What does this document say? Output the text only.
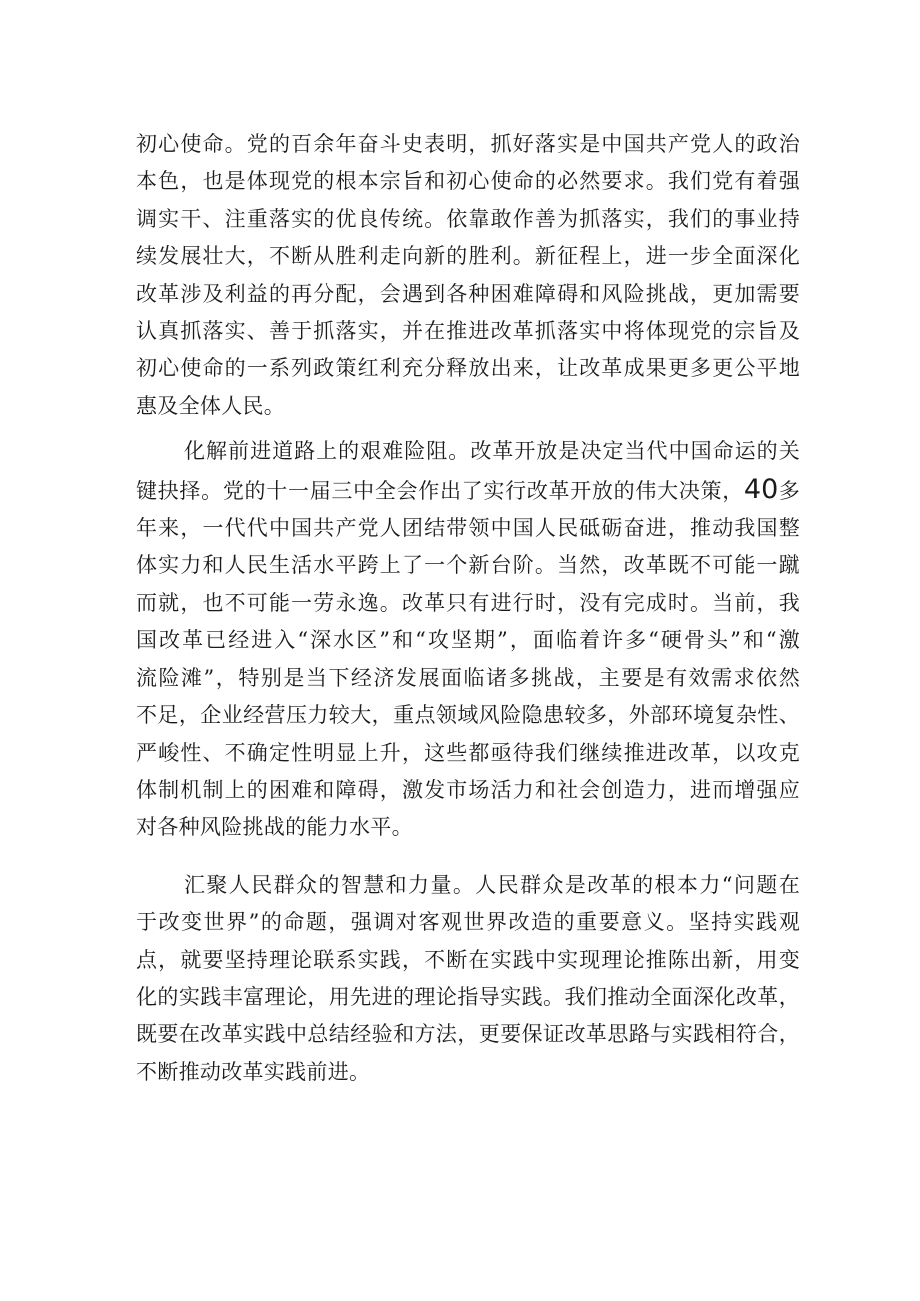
初心使命。党的百余年奋斗史表明，抓好落实是中国共产党人的政治
本色，也是体现党的根本宗旨和初心使命的必然要求。我们党有着强
调实干、注重落实的优良传统。依靠敢作善为抓落实，我们的事业持
续发展壮大，不断从胜利走向新的胜利。新征程上，进一步全面深化
改革涉及利益的再分配，会遇到各种困难障碍和风险挑战，更加需要
认真抓落实、善于抓落实，并在推进改革抓落实中将体现党的宗旨及
初心使命的一系列政策红利充分释放出来，让改革成果更多更公平地
惠及全体人民。

化解前进道路上的艰难险阻。改革开放是决定当代中国命运的关
键抉择。党的十一届三中全会作出了实行改革开放的伟大决策，40多
年来，一代代中国共产党人团结带领中国人民砥砺奋进，推动我国整
体实力和人民生活水平跨上了一个新台阶。当然，改革既不可能一蹴
而就，也不可能一劳永逸。改革只有进行时，没有完成时。当前，我
国改革已经进入“深水区”和“攻坚期”，面临着许多“硬骨头”和“激
流险滩”，特别是当下经济发展面临诸多挑战，主要是有效需求依然
不足，企业经营压力较大，重点领域风险隐患较多，外部环境复杂性、
严峻性、不确定性明显上升，这些都亟待我们继续推进改革，以攻克
体制机制上的困难和障碍，激发市场活力和社会创造力，进而增强应
对各种风险挑战的能力水平。

汇聚人民群众的智慧和力量。人民群众是改革的根本力“问题在
于改变世界”的命题，强调对客观世界改造的重要意义。坚持实践观
点，就要坚持理论联系实践，不断在实践中实现理论推陈出新，用变
化的实践丰富理论，用先进的理论指导实践。我们推动全面深化改革，
既要在改革实践中总结经验和方法，更要保证改革思路与实践相符合，
不断推动改革实践前进。
